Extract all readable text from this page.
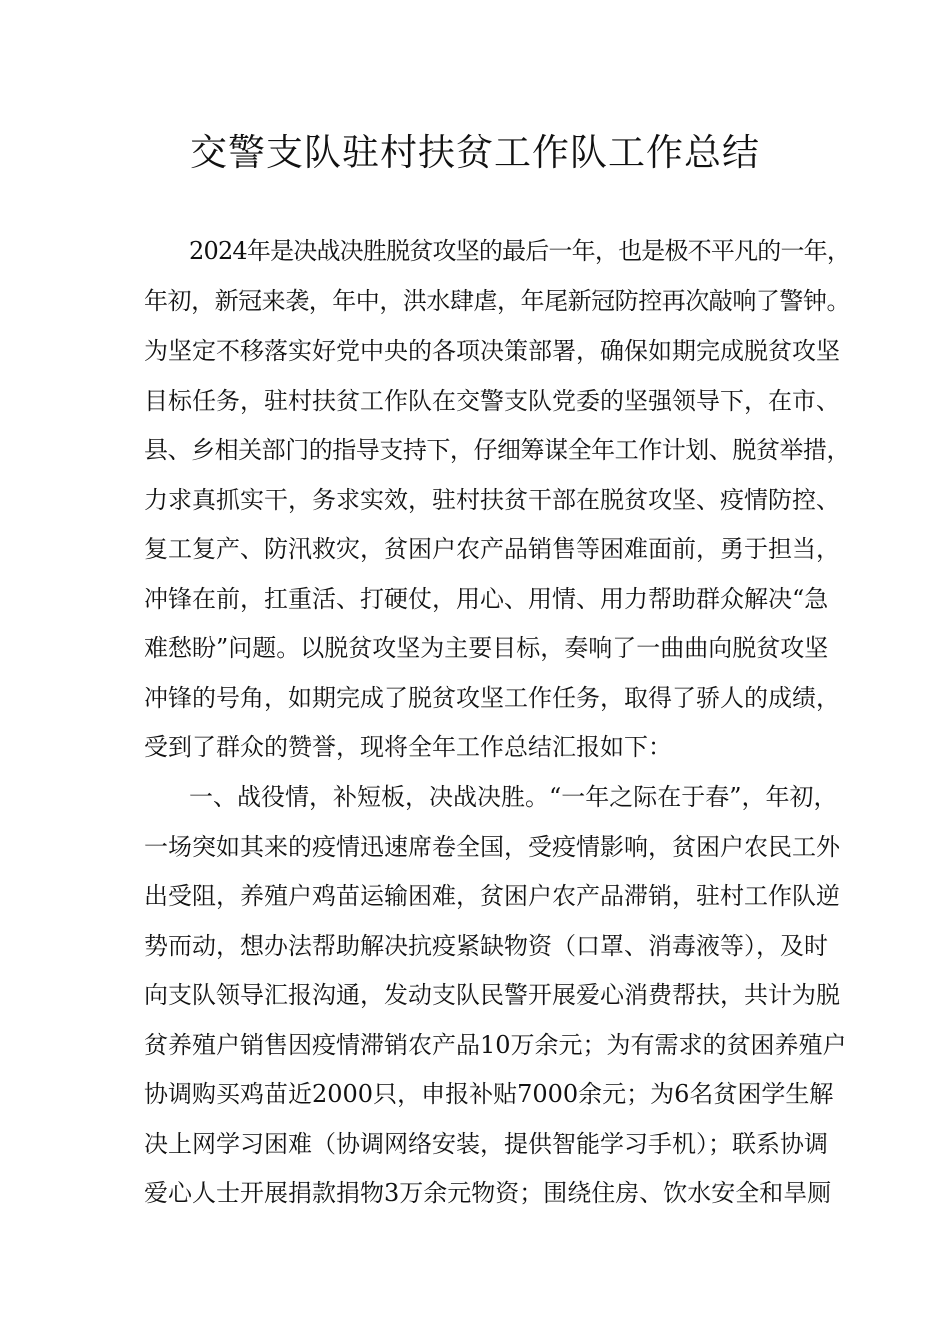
交警支队驻村扶贫工作队工作总结
2024年是决战决胜脱贫攻坚的最后一年，也是极不平凡的一年，
年初，新冠来袭，年中，洪水肆虐，年尾新冠防控再次敲响了警钟。
为坚定不移落实好党中央的各项决策部署，确保如期完成脱贫攻坚
目标任务，驻村扶贫工作队在交警支队党委的坚强领导下，在市、
县、乡相关部门的指导支持下，仔细筹谋全年工作计划、脱贫举措，
力求真抓实干，务求实效，驻村扶贫干部在脱贫攻坚、疫情防控、
复工复产、防汛救灾，贫困户农产品销售等困难面前，勇于担当，
冲锋在前，扛重活、打硬仗，用心、用情、用力帮助群众解决“急
难愁盼”问题。以脱贫攻坚为主要目标，奏响了一曲曲向脱贫攻坚
冲锋的号角，如期完成了脱贫攻坚工作任务，取得了骄人的成绩，
受到了群众的赞誉，现将全年工作总结汇报如下：
一、战役情，补短板，决战决胜。“一年之际在于春”，年初，
一场突如其来的疫情迅速席卷全国，受疫情影响，贫困户农民工外
出受阻，养殖户鸡苗运输困难，贫困户农产品滞销，驻村工作队逆
势而动，想办法帮助解决抗疫紧缺物资（口罩、消毒液等），及时
向支队领导汇报沟通，发动支队民警开展爱心消费帮扶，共计为脱
贫养殖户销售因疫情滞销农产品10万余元；为有需求的贫困养殖户
协调购买鸡苗近2000只，申报补贴7000余元；为6名贫困学生解
决上网学习困难（协调网络安装，提供智能学习手机）；联系协调
爱心人士开展捐款捐物3万余元物资；围绕住房、饮水安全和旱厕
